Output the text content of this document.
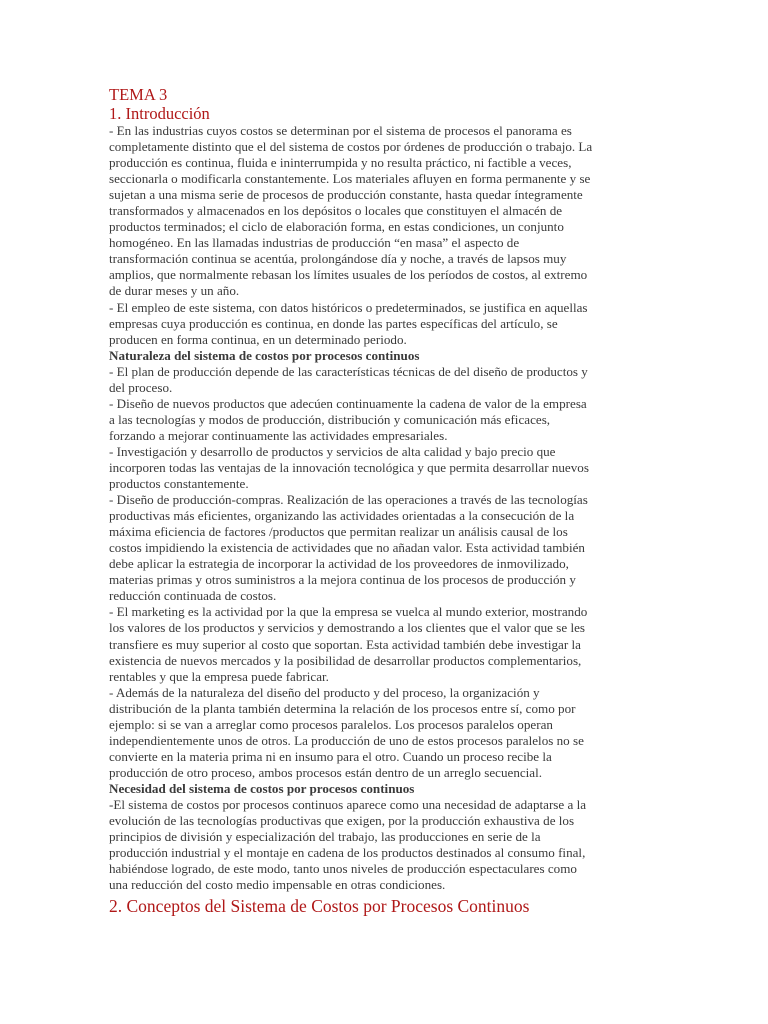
TEMA 3
1. Introducción
- En las industrias cuyos costos se determinan por el sistema de procesos el panorama es
completamente distinto que el del sistema de costos por órdenes de producción o trabajo. La
producción es continua, fluida e ininterrumpida y no resulta práctico, ni factible a veces,
seccionarla o modificarla constantemente. Los materiales afluyen en forma permanente y se
sujetan a una misma serie de procesos de producción constante, hasta quedar íntegramente
transformados y almacenados en los depósitos o locales que constituyen el almacén de
productos terminados; el ciclo de elaboración forma, en estas condiciones, un conjunto
homogéneo. En las llamadas industrias de producción “en masa” el aspecto de
transformación continua se acentúa, prolongándose día y noche, a través de lapsos muy
amplios, que normalmente rebasan los límites usuales de los períodos de costos, al extremo
de durar meses y un año.
- El empleo de este sistema, con datos históricos o predeterminados, se justifica en aquellas
empresas cuya producción es continua, en donde las partes específicas del artículo, se
producen en forma continua, en un determinado periodo.
Naturaleza del sistema de costos por procesos continuos
- El plan de producción depende de las características técnicas de del diseño de productos y
del proceso.
- Diseño de nuevos productos que adecúen continuamente la cadena de valor de la empresa
a las tecnologías y modos de producción, distribución y comunicación más eficaces,
forzando a mejorar continuamente las actividades empresariales.
- Investigación y desarrollo de productos y servicios de alta calidad y bajo precio que
incorporen todas las ventajas de la innovación tecnológica y que permita desarrollar nuevos
productos constantemente.
- Diseño de producción-compras. Realización de las operaciones a través de las tecnologías
productivas más eficientes, organizando las actividades orientadas a la consecución de la
máxima eficiencia de factores /productos que permitan realizar un análisis causal de los
costos impidiendo la existencia de actividades que no añadan valor. Esta actividad también
debe aplicar la estrategia de incorporar la actividad de los proveedores de inmovilizado,
materias primas y otros suministros a la mejora continua de los procesos de producción y
reducción continuada de costos.
- El marketing es la actividad por la que la empresa se vuelca al mundo exterior, mostrando
los valores de los productos y servicios y demostrando a los clientes que el valor que se les
transfiere es muy superior al costo que soportan. Esta actividad también debe investigar la
existencia de nuevos mercados y la posibilidad de desarrollar productos complementarios,
rentables y que la empresa puede fabricar.
- Además de la naturaleza del diseño del producto y del proceso, la organización y
distribución de la planta también determina la relación de los procesos entre sí, como por
ejemplo: si se van a arreglar como procesos paralelos. Los procesos paralelos operan
independientemente unos de otros. La producción de uno de estos procesos paralelos no se
convierte en la materia prima ni en insumo para el otro. Cuando un proceso recibe la
producción de otro proceso, ambos procesos están dentro de un arreglo secuencial.
Necesidad del sistema de costos por procesos continuos
-El sistema de costos por procesos continuos aparece como una necesidad de adaptarse a la
evolución de las tecnologías productivas que exigen, por la producción exhaustiva de los
principios de división y especialización del trabajo, las producciones en serie de la
producción industrial y el montaje en cadena de los productos destinados al consumo final,
habiéndose logrado, de este modo, tanto unos niveles de producción espectaculares como
una reducción del costo medio impensable en otras condiciones.
2. Conceptos del Sistema de Costos por Procesos Continuos
